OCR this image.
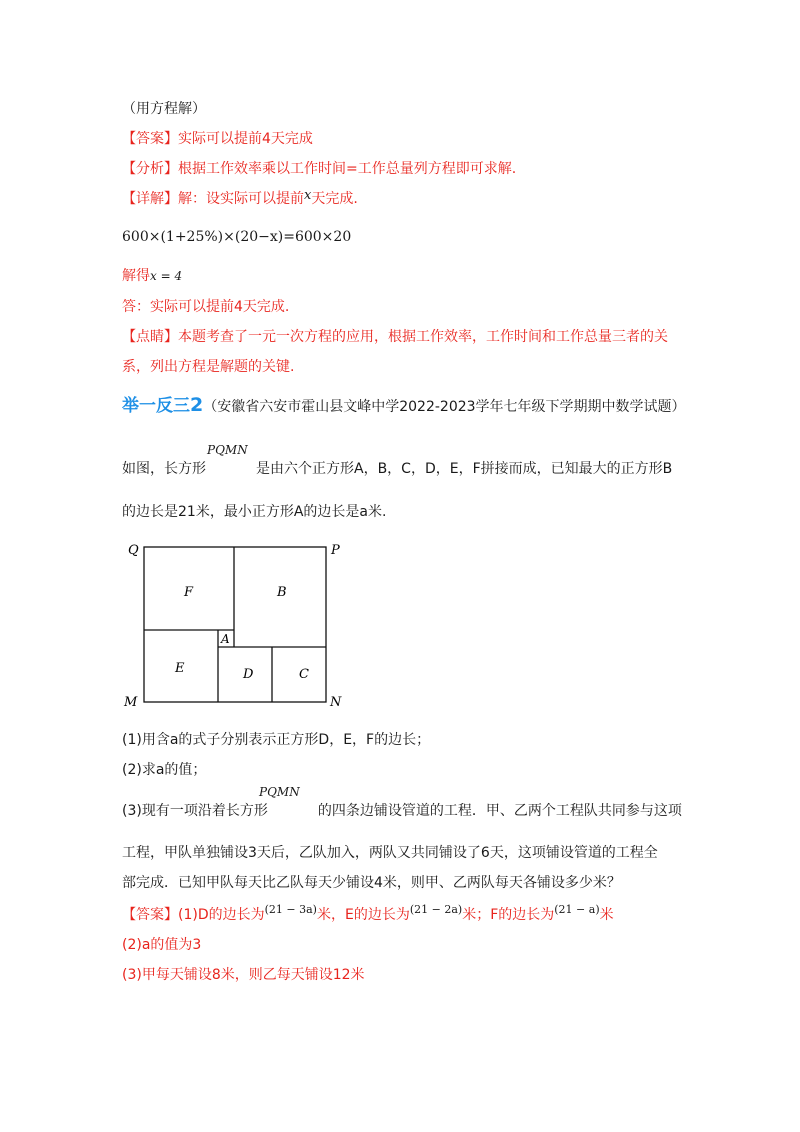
（用方程解）
【答案】实际可以提前4天完成
【分析】根据工作效率乘以工作时间=工作总量列方程即可求解.
【详解】解：设实际可以提前x天完成.
600×(1+25%)×(20−x)=600×20
解得x = 4
答：实际可以提前4天完成.
【点睛】本题考查了一元一次方程的应用，根据工作效率，工作时间和工作总量三者的关
系，列出方程是解题的关键.
举一反三2（安徽省六安市霍山县文峰中学2022-2023学年七年级下学期期中数学试题）
PQMN
如图，长方形	是由六个正方形A，B，C，D，E，F拼接而成，已知最大的正方形B
的边长是21米，最小正方形A的边长是a米.
Q	P
M	N
F	B
A
E	D	C
(1)用含a的式子分别表示正方形D，E，F的边长；
(2)求a的值；
PQMN
(3)现有一项沿着长方形	的四条边铺设管道的工程．甲、乙两个工程队共同参与这项
工程，甲队单独铺设3天后，乙队加入，两队又共同铺设了6天，这项铺设管道的工程全
部完成．已知甲队每天比乙队每天少铺设4米，则甲、乙两队每天各铺设多少米？
【答案】(1)D的边长为$^{(21 - 3a)}$米，E的边长为$^{(21 - 2a)}$米；F的边长为$^{(21 - a)}$米
(2)a的值为3
(3)甲每天铺设8米，则乙每天铺设12米
